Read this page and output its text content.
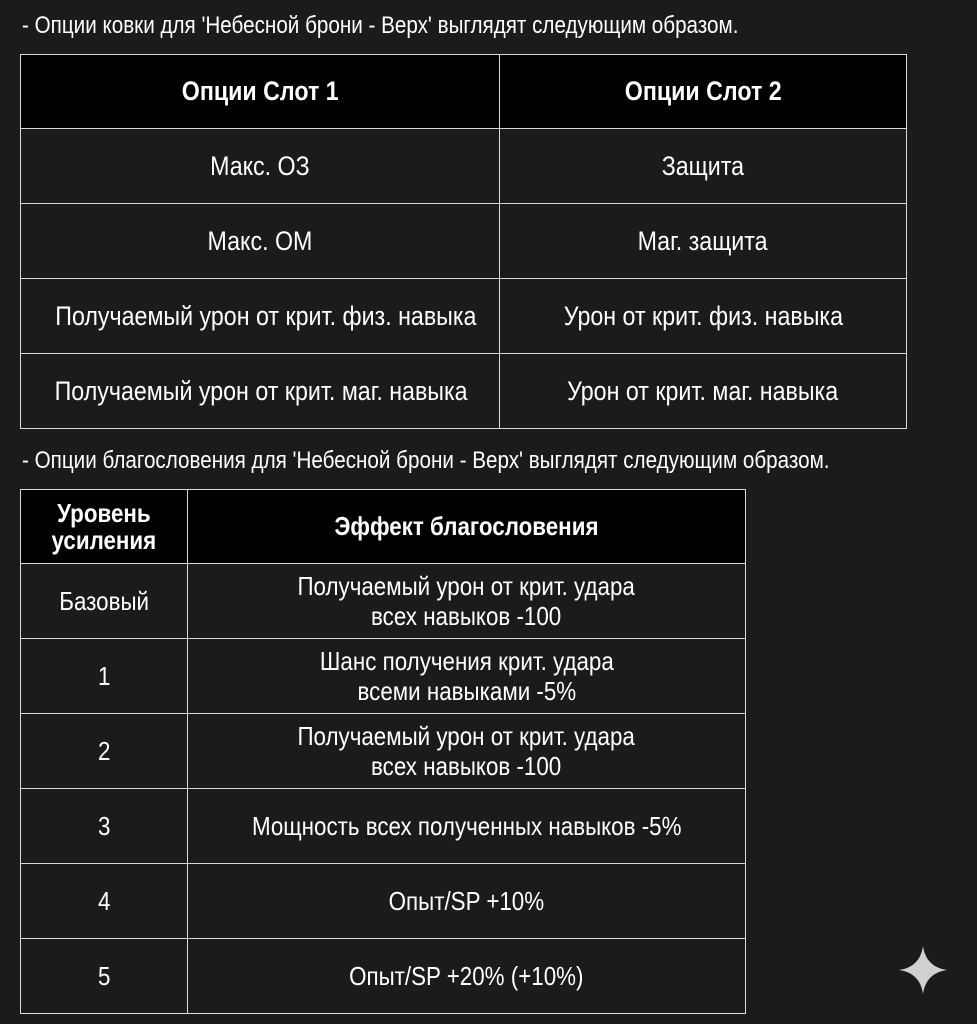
- Опции ковки для 'Небесной брони - Верх' выглядят следующим образом.

Опции Слот 1	Опции Слот 2
Макс. ОЗ	Защита
Макс. ОМ	Маг. защита
Получаемый урон от крит. физ. навыка	Урон от крит. физ. навыка
Получаемый урон от крит. маг. навыка	Урон от крит. маг. навыка

- Опции благословения для 'Небесной брони - Верх' выглядят следующим образом.

Уровень
усиления	Эффект благословения
Базовый	Получаемый урон от крит. удара
всех навыков -100

1	Шанс получения крит. удара
всеми навыками -5%

2	Получаемый урон от крит. удара
всех навыков -100

3	Мощность всех полученных навыков -5%
4	Опыт/SP +10%
5	Опыт/SP +20% (+10%)
